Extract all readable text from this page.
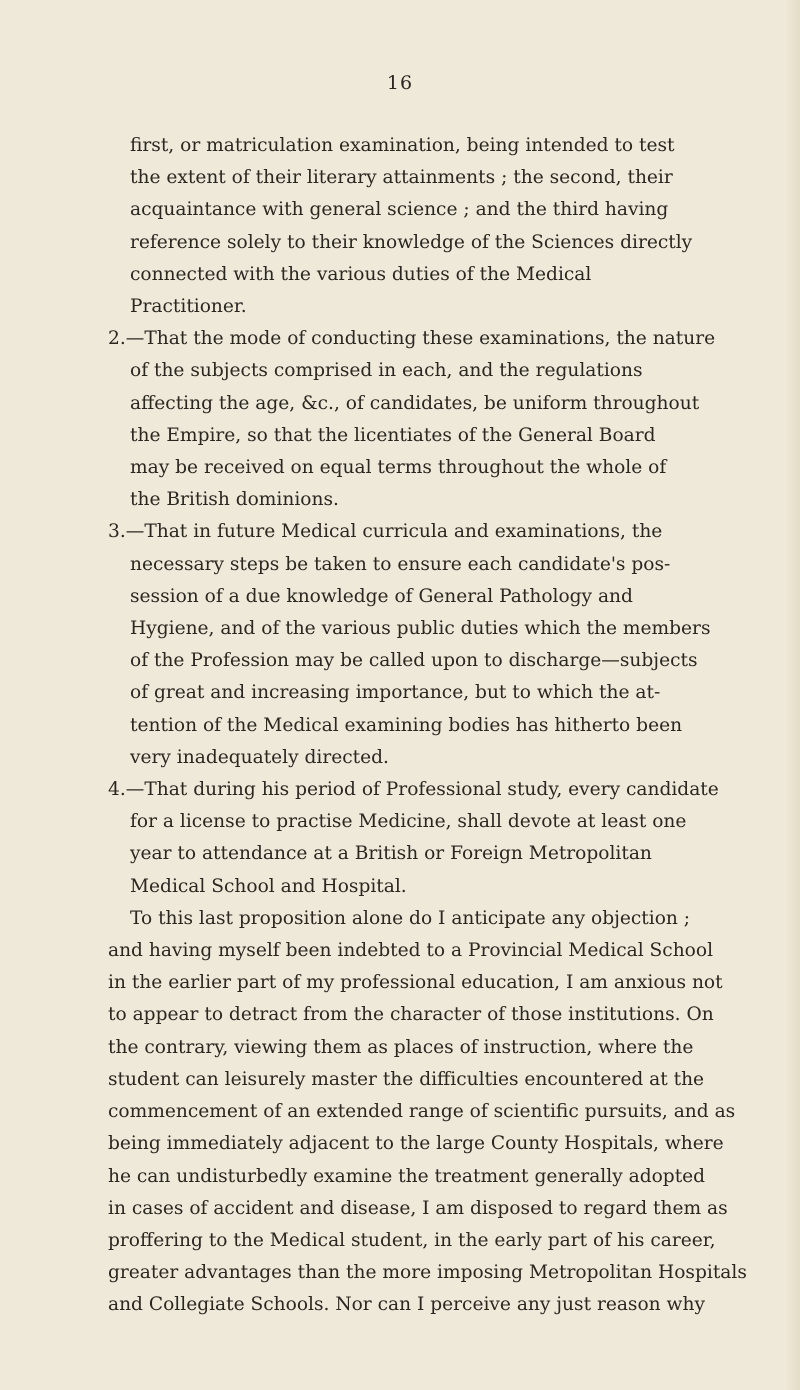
16
first, or matriculation examination, being intended to test
the extent of their literary attainments ; the second, their
acquaintance with general science ; and the third having
reference solely to their knowledge of the Sciences directly
connected with the various duties of the Medical
Practitioner.
2.—That the mode of conducting these examinations, the nature
of the subjects comprised in each, and the regulations
affecting the age, &c., of candidates, be uniform throughout
the Empire, so that the licentiates of the General Board
may be received on equal terms throughout the whole of
the British dominions.
3.—That in future Medical curricula and examinations, the
necessary steps be taken to ensure each candidate's pos-
session of a due knowledge of General Pathology and
Hygiene, and of the various public duties which the members
of the Profession may be called upon to discharge—subjects
of great and increasing importance, but to which the at-
tention of the Medical examining bodies has hitherto been
very inadequately directed.
4.—That during his period of Professional study, every candidate
for a license to practise Medicine, shall devote at least one
year to attendance at a British or Foreign Metropolitan
Medical School and Hospital.
To this last proposition alone do I anticipate any objection ;
and having myself been indebted to a Provincial Medical School
in the earlier part of my professional education, I am anxious not
to appear to detract from the character of those institutions. On
the contrary, viewing them as places of instruction, where the
student can leisurely master the difficulties encountered at the
commencement of an extended range of scientific pursuits, and as
being immediately adjacent to the large County Hospitals, where
he can undisturbedly examine the treatment generally adopted
in cases of accident and disease, I am disposed to regard them as
proffering to the Medical student, in the early part of his career,
greater advantages than the more imposing Metropolitan Hospitals
and Collegiate Schools. Nor can I perceive any just reason why
